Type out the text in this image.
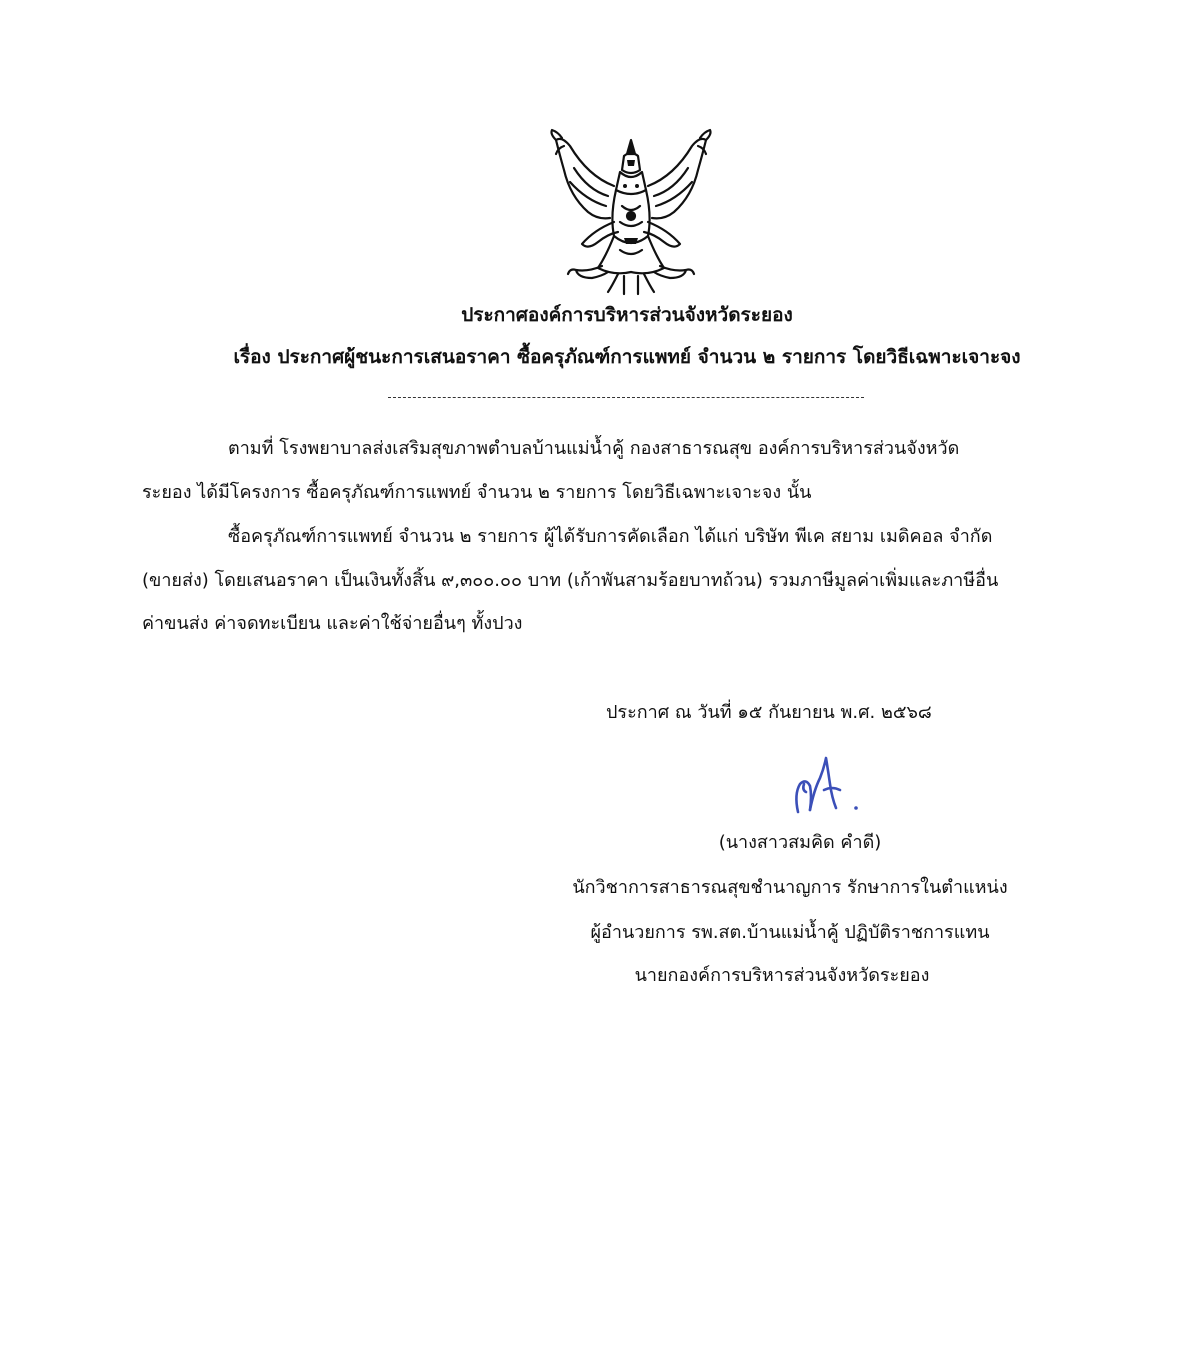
ประกาศองค์การบริหารส่วนจังหวัดระยอง
เรื่อง ประกาศผู้ชนะการเสนอราคา ซื้อครุภัณฑ์การแพทย์ จำนวน ๒ รายการ โดยวิธีเฉพาะเจาะจง
ตามที่ โรงพยาบาลส่งเสริมสุขภาพตำบลบ้านแม่น้ำคู้ กองสาธารณสุข องค์การบริหารส่วนจังหวัด
ระยอง ได้มีโครงการ ซื้อครุภัณฑ์การแพทย์ จำนวน ๒ รายการ โดยวิธีเฉพาะเจาะจง นั้น
ซื้อครุภัณฑ์การแพทย์ จำนวน ๒ รายการ ผู้ได้รับการคัดเลือก ได้แก่ บริษัท พีเค สยาม เมดิคอล จำกัด
(ขายส่ง) โดยเสนอราคา เป็นเงินทั้งสิ้น ๙,๓๐๐.๐๐ บาท (เก้าพันสามร้อยบาทถ้วน) รวมภาษีมูลค่าเพิ่มและภาษีอื่น
ค่าขนส่ง ค่าจดทะเบียน และค่าใช้จ่ายอื่นๆ ทั้งปวง
ประกาศ ณ วันที่ ๑๕ กันยายน พ.ศ. ๒๕๖๘
(นางสาวสมคิด คำดี)
นักวิชาการสาธารณสุขชำนาญการ รักษาการในตำแหน่ง
ผู้อำนวยการ รพ.สต.บ้านแม่น้ำคู้ ปฏิบัติราชการแทน
นายกองค์การบริหารส่วนจังหวัดระยอง
